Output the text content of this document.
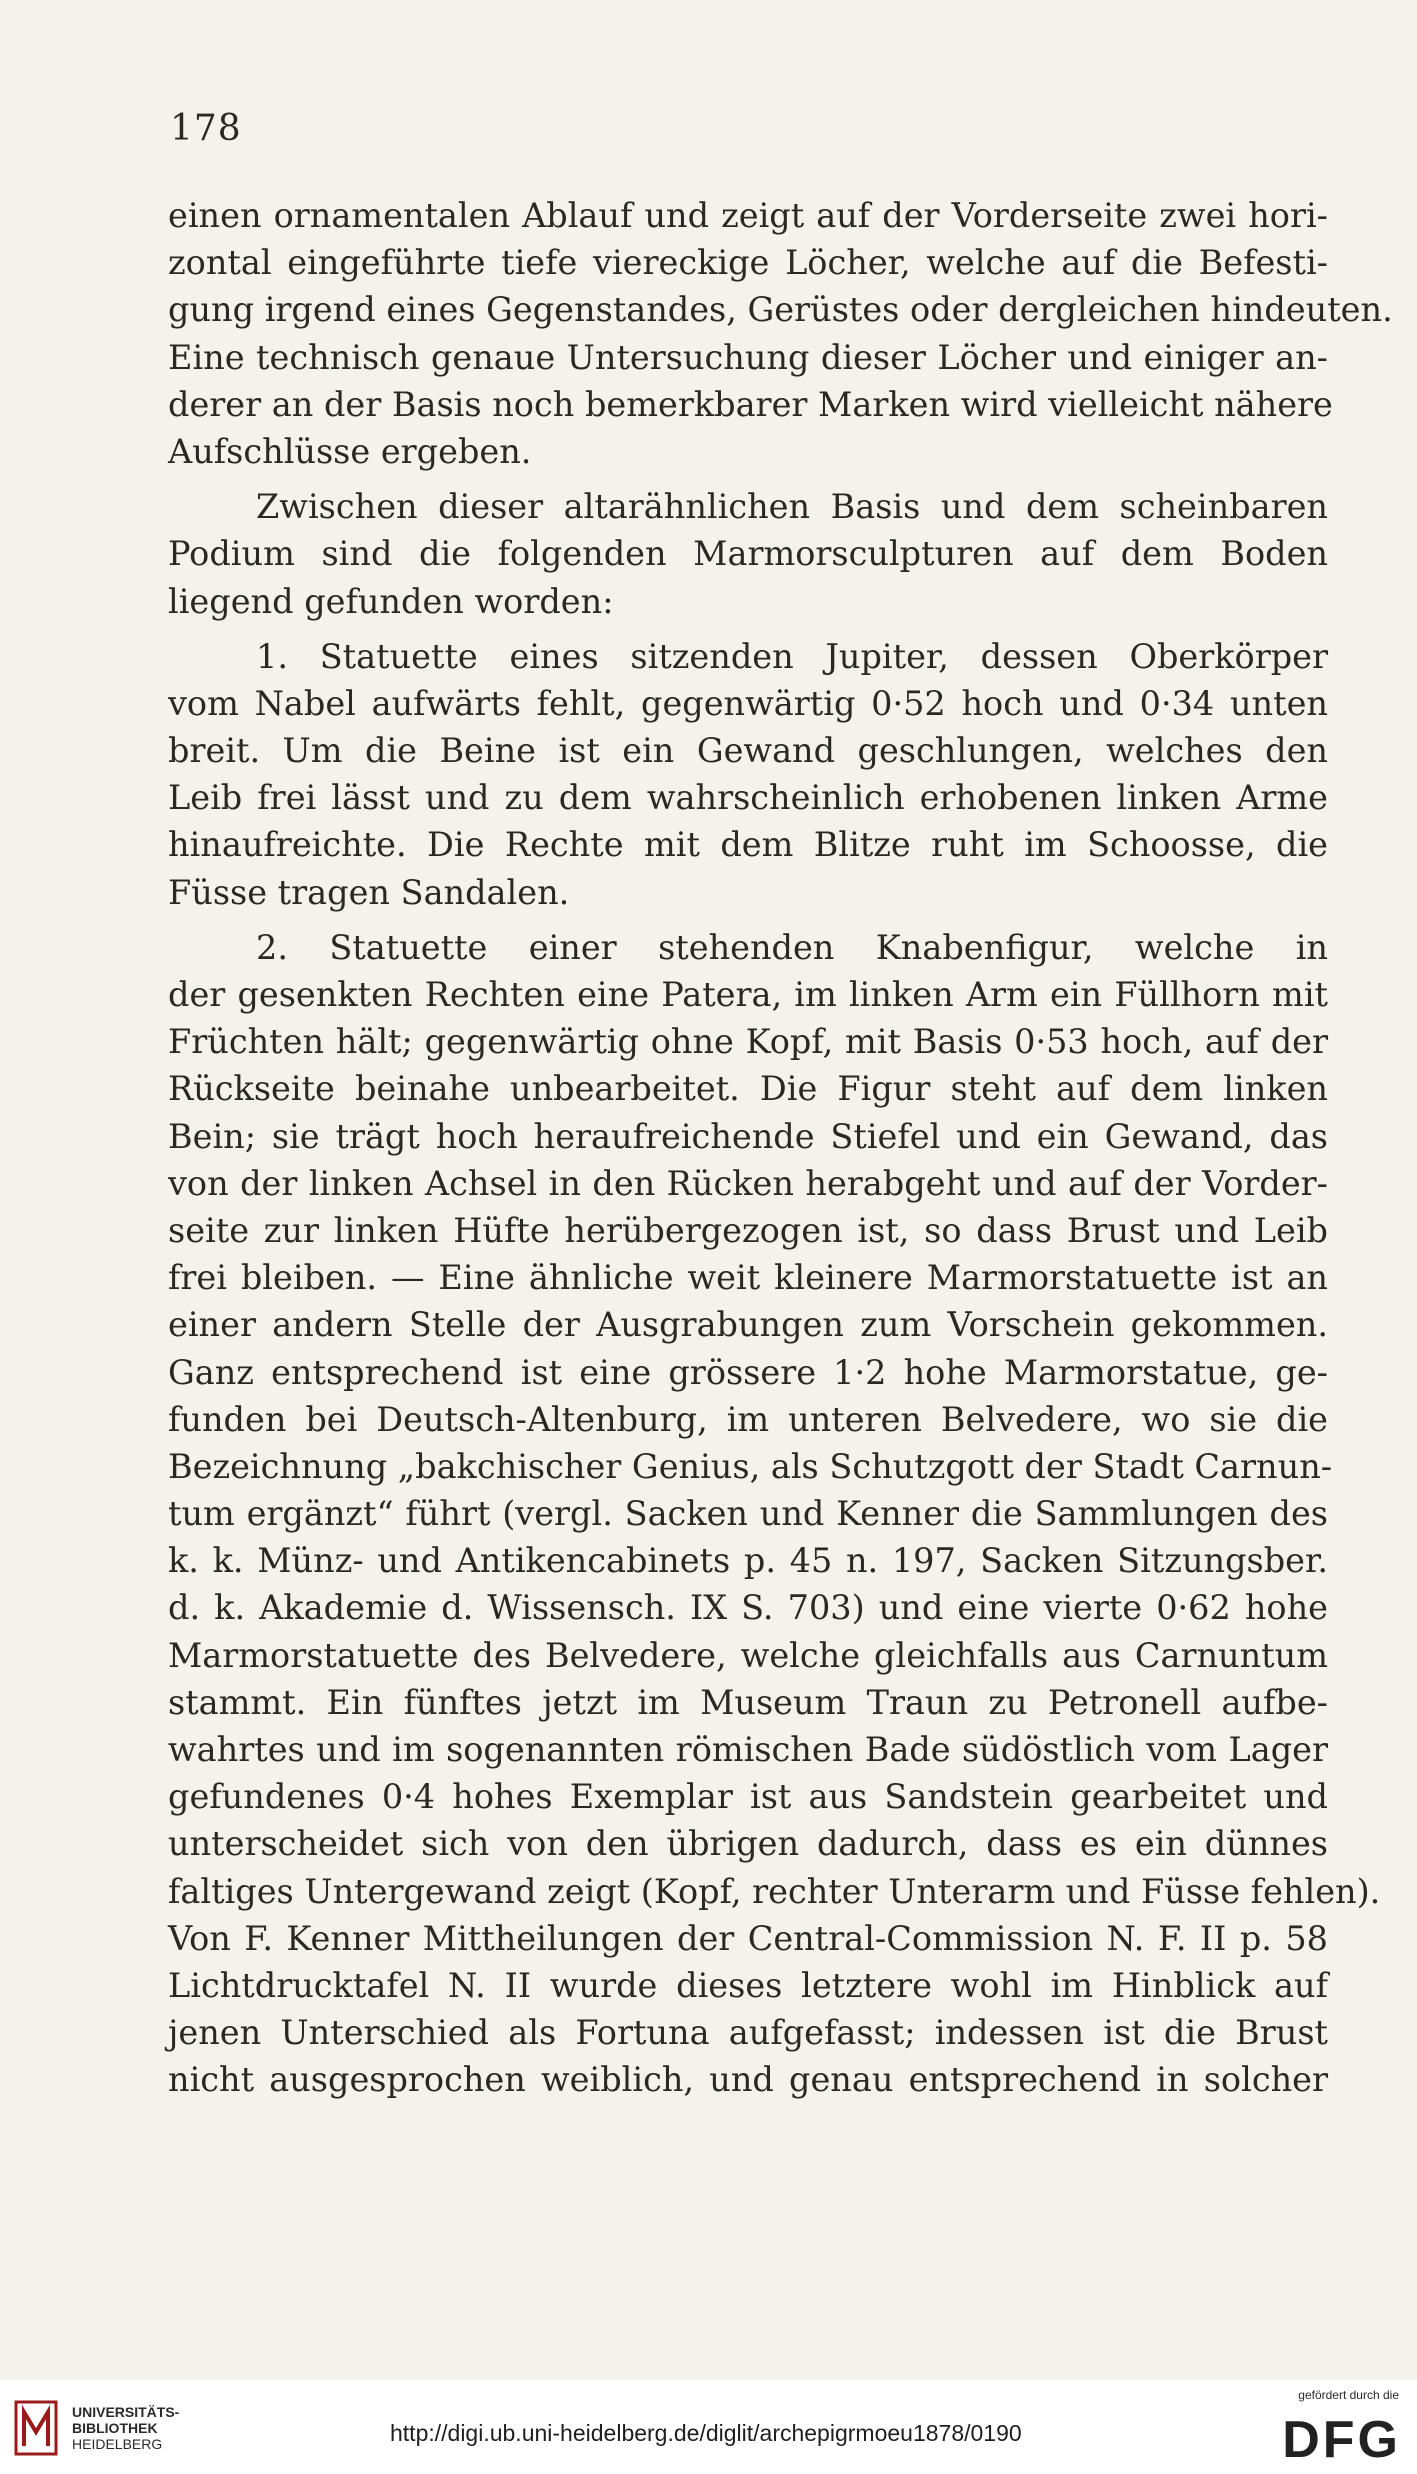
178
einen ornamentalen Ablauf und zeigt auf der Vorderseite zwei hori-
zontal eingeführte tiefe viereckige Löcher, welche auf die Befesti-
gung irgend eines Gegenstandes, Gerüstes oder dergleichen hindeuten.
Eine technisch genaue Untersuchung dieser Löcher und einiger an-
derer an der Basis noch bemerkbarer Marken wird vielleicht nähere
Aufschlüsse ergeben.
Zwischen dieser altarähnlichen Basis und dem scheinbaren
Podium sind die folgenden Marmorsculpturen auf dem Boden
liegend gefunden worden:
1. Statuette eines sitzenden Jupiter, dessen Oberkörper
vom Nabel aufwärts fehlt, gegenwärtig 0·52 hoch und 0·34 unten
breit. Um die Beine ist ein Gewand geschlungen, welches den
Leib frei lässt und zu dem wahrscheinlich erhobenen linken Arme
hinaufreichte. Die Rechte mit dem Blitze ruht im Schoosse, die
Füsse tragen Sandalen.
2. Statuette einer stehenden Knabenfigur, welche in
der gesenkten Rechten eine Patera, im linken Arm ein Füllhorn mit
Früchten hält; gegenwärtig ohne Kopf, mit Basis 0·53 hoch, auf der
Rückseite beinahe unbearbeitet. Die Figur steht auf dem linken
Bein; sie trägt hoch heraufreichende Stiefel und ein Gewand, das
von der linken Achsel in den Rücken herabgeht und auf der Vorder-
seite zur linken Hüfte herübergezogen ist, so dass Brust und Leib
frei bleiben. — Eine ähnliche weit kleinere Marmorstatuette ist an
einer andern Stelle der Ausgrabungen zum Vorschein gekommen.
Ganz entsprechend ist eine grössere 1·2 hohe Marmorstatue, ge-
funden bei Deutsch-Altenburg, im unteren Belvedere, wo sie die
Bezeichnung „bakchischer Genius, als Schutzgott der Stadt Carnun-
tum ergänzt“ führt (vergl. Sacken und Kenner die Sammlungen des
k. k. Münz- und Antikencabinets p. 45 n. 197, Sacken Sitzungsber.
d. k. Akademie d. Wissensch. IX S. 703) und eine vierte 0·62 hohe
Marmorstatuette des Belvedere, welche gleichfalls aus Carnuntum
stammt. Ein fünftes jetzt im Museum Traun zu Petronell aufbe-
wahrtes und im sogenannten römischen Bade südöstlich vom Lager
gefundenes 0·4 hohes Exemplar ist aus Sandstein gearbeitet und
unterscheidet sich von den übrigen dadurch, dass es ein dünnes
faltiges Untergewand zeigt (Kopf, rechter Unterarm und Füsse fehlen).
Von F. Kenner Mittheilungen der Central-Commission N. F. II p. 58
Lichtdrucktafel N. II wurde dieses letztere wohl im Hinblick auf
jenen Unterschied als Fortuna aufgefasst; indessen ist die Brust
nicht ausgesprochen weiblich, und genau entsprechend in solcher
UNIVERSITÄTS-
BIBLIOTHEK
HEIDELBERG	http://digi.ub.uni-heidelberg.de/diglit/archepigrmoeu1878/0190
gefördert durch die
DFG
